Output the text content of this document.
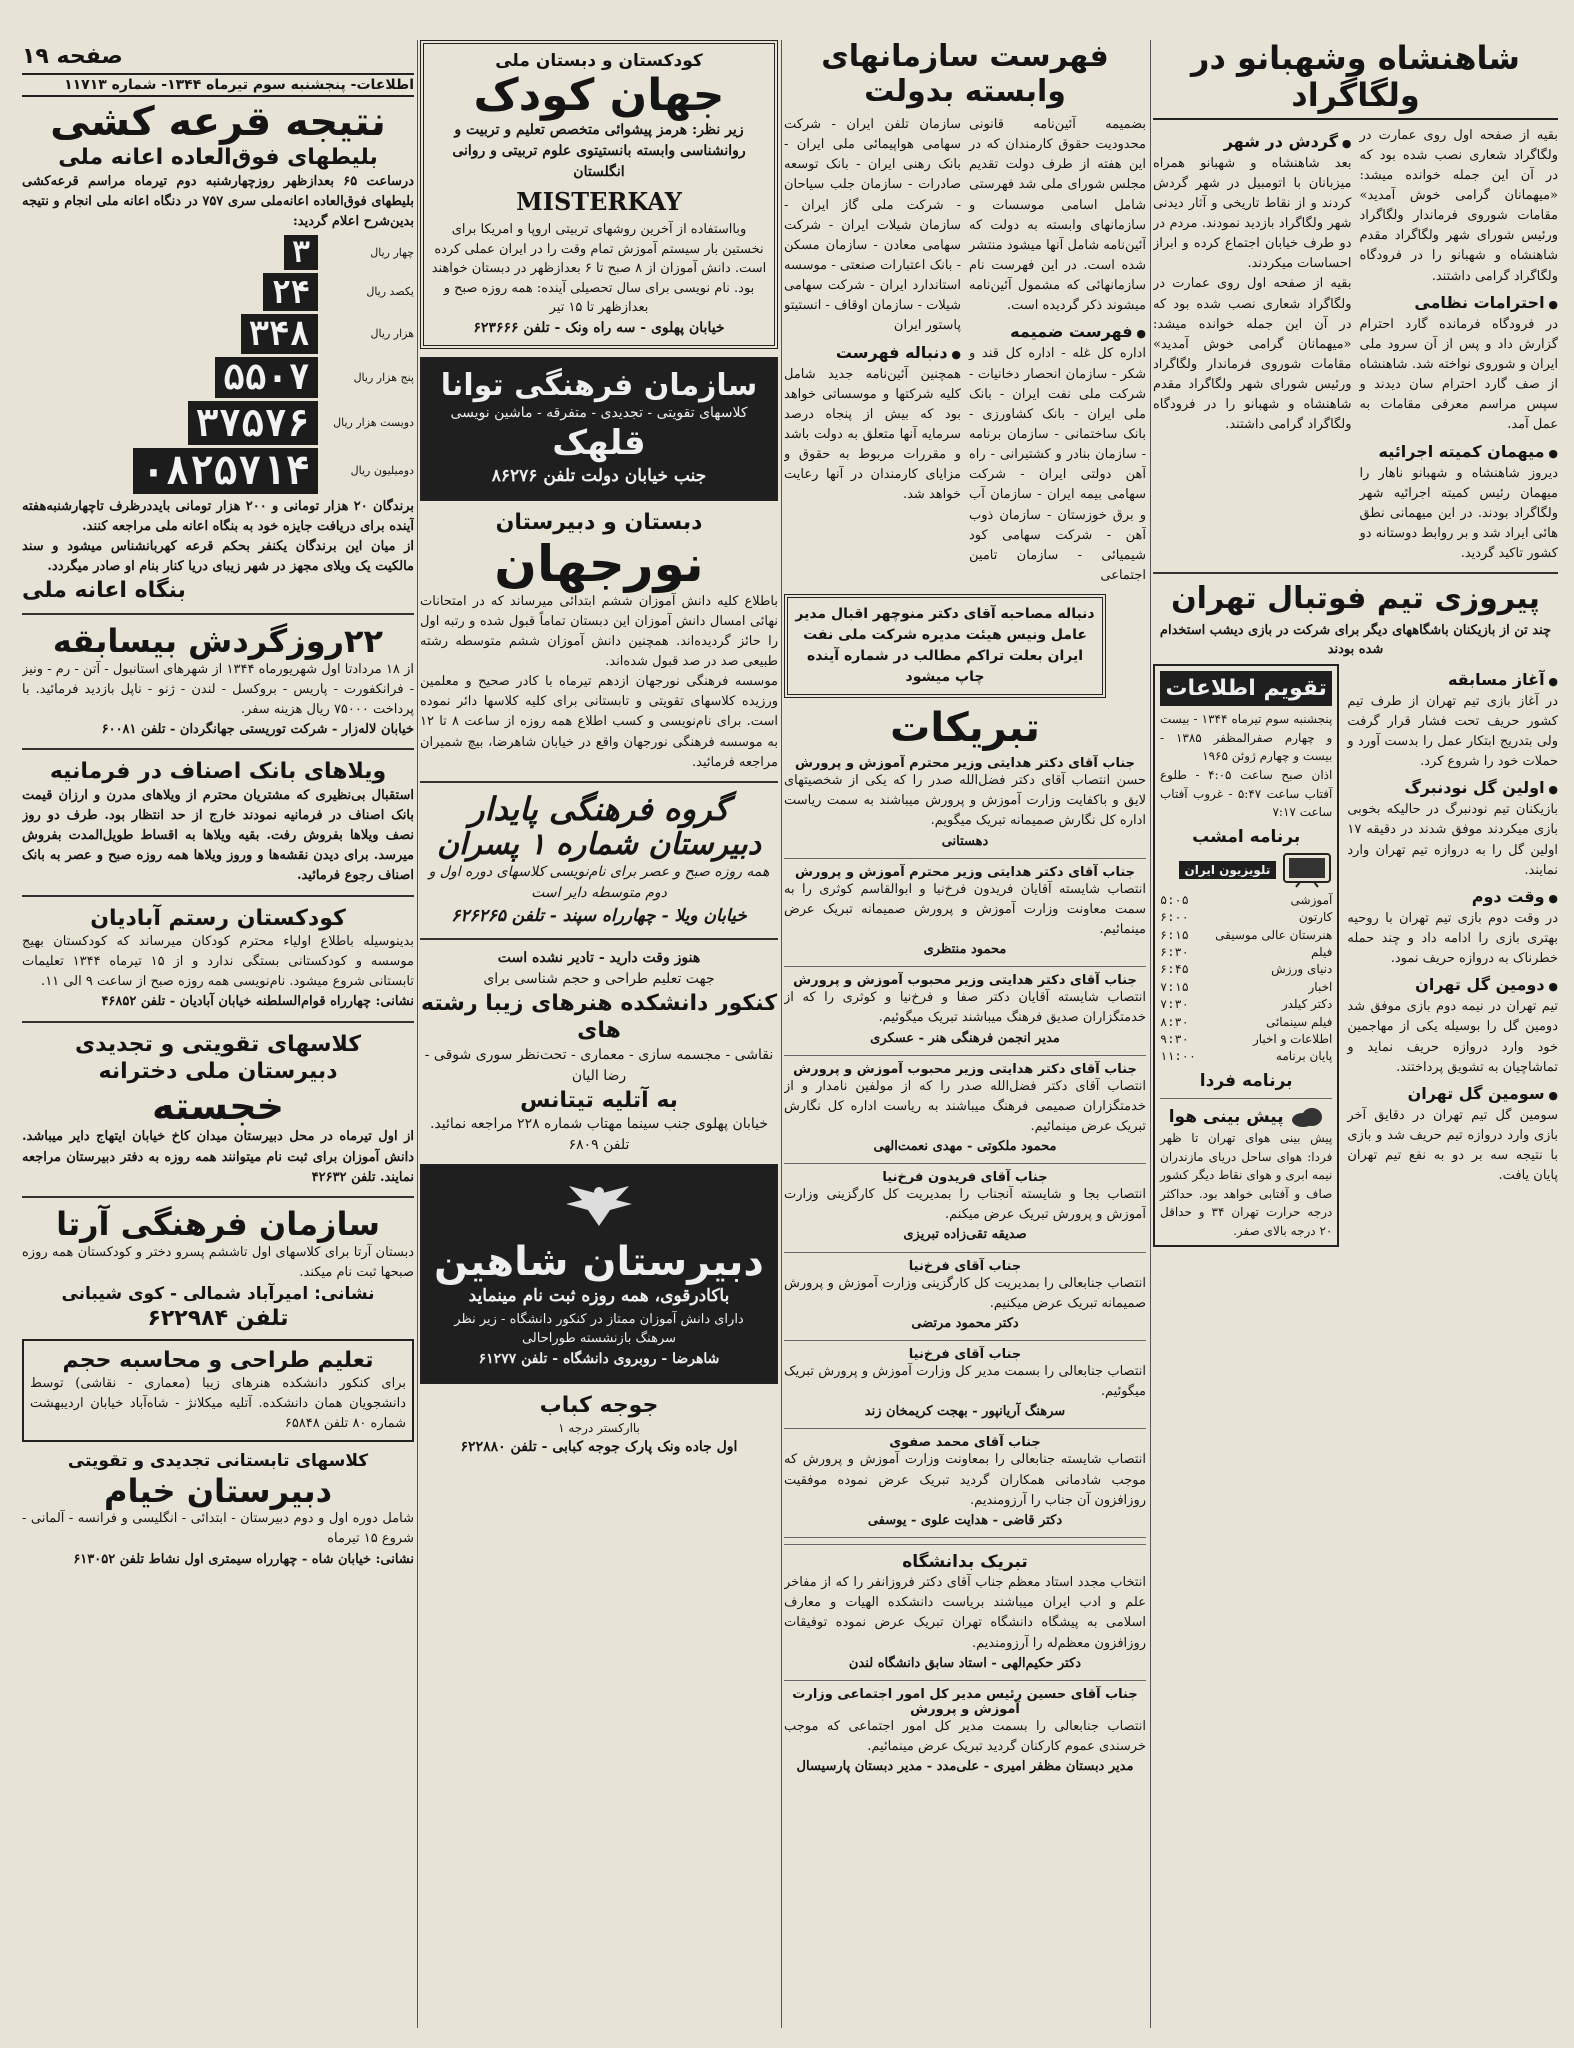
صفحه ۱۹
اطلاعات- پنجشنبه سوم تیرماه ۱۳۴۴- شماره ۱۱۷۱۳
شاهنشاه وشهبانو در ولگاگراد

بقیه از صفحه اول روی عمارت در ولگاگراد شعاری نصب شده بود که در آن این جمله خوانده میشد: «میهمانان گرامی خوش آمدید» مقامات شوروی فرماندار ولگاگراد ورئیس شورای شهر ولگاگراد مقدم شاهنشاه و شهبانو را در فرودگاه ولگاگراد گرامی داشتند.

● احترامات نظامی

در فرودگاه فرمانده گارد احترام گزارش داد و پس از آن سرود ملی ایران و شوروی نواخته شد. شاهنشاه از صف گارد احترام سان دیدند و سپس مراسم معرفی مقامات به عمل آمد.

● میهمان کمیته اجرائیه

دیروز شاهنشاه و شهبانو ناهار را میهمان رئیس کمیته اجرائیه شهر ولگاگراد بودند. در این میهمانی نطق هائی ایراد شد و بر روابط دوستانه دو کشور تاکید گردید.

● گردش در شهر

بعد شاهنشاه و شهبانو همراه میزبانان با اتومبیل در شهر گردش کردند و از نقاط تاریخی و آثار دیدنی شهر ولگاگراد بازدید نمودند. مردم در دو طرف خیابان اجتماع کرده و ابراز احساسات میکردند.

بقیه از صفحه اول روی عمارت در ولگاگراد شعاری نصب شده بود که در آن این جمله خوانده میشد: «میهمانان گرامی خوش آمدید» مقامات شوروی فرماندار ولگاگراد ورئیس شورای شهر ولگاگراد مقدم شاهنشاه و شهبانو را در فرودگاه ولگاگراد گرامی داشتند.

پیروزی تیم فوتبال تهران
چند تن از بازیکنان باشگاههای دیگر برای شرکت در بازی دیشب استخدام شده بودند
● آغاز مسابقه

در آغاز بازی تیم تهران از طرف تیم کشور حریف تحت فشار قرار گرفت ولی بتدریج ابتکار عمل را بدست آورد و حملات خود را شروع کرد.

● اولین گل نودنبرگ

بازیکنان تیم نودنبرگ در حالیکه بخوبی بازی میکردند موفق شدند در دقیقه ۱۷ اولین گل را به دروازه تیم تهران وارد نمایند.

● وقت دوم

در وقت دوم بازی تیم تهران با روحیه بهتری بازی را ادامه داد و چند حمله خطرناک به دروازه حریف نمود.

● دومین گل تهران

تیم تهران در نیمه دوم بازی موفق شد دومین گل را بوسیله یکی از مهاجمین خود وارد دروازه حریف نماید و تماشاچیان به تشویق پرداختند.

● سومین گل تهران

سومین گل تیم تهران در دقایق آخر بازی وارد دروازه تیم حریف شد و بازی با نتیجه سه بر دو به نفع تیم تهران پایان یافت.

تقویم اطلاعات

پنجشنبه سوم تیرماه ۱۳۴۴ - بیست و چهارم صفرالمظفر ۱۳۸۵ - بیست و چهارم ژوئن ۱۹۶۵

اذان صبح ساعت ۴:۰۵ - طلوع آفتاب ساعت ۵:۴۷ - غروب آفتاب ساعت ۷:۱۷

برنامه امشب
تلویزیون ایران
آموزشی
۵:۰۵
کارتون
۶:۰۰
هنرستان عالی موسیقی
۶:۱۵
فیلم
۶:۳۰
دنیای ورزش
۶:۴۵
اخبار
۷:۱۵
دکتر کیلدر
۷:۳۰
فیلم سینمائی
۸:۳۰
اطلاعات و اخبار
۹:۳۰
پایان برنامه
۱۱:۰۰
برنامه فردا
پیش بینی هوا

پیش بینی هوای تهران تا ظهر فردا: هوای ساحل دریای مازندران نیمه ابری و هوای نقاط دیگر کشور صاف و آفتابی خواهد بود. حداکثر درجه حرارت تهران ۳۴ و حداقل ۲۰ درجه بالای صفر.

فهرست سازمانهای وابسته بدولت

بضمیمه آئین‌نامه قانونی محدودیت حقوق کارمندان که در این هفته از طرف دولت تقدیم مجلس شورای ملی شد فهرستی شامل اسامی موسسات و سازمانهای وابسته به دولت که آئین‌نامه شامل آنها میشود منتشر شده است. در این فهرست نام سازمانهائی که مشمول آئین‌نامه میشوند ذکر گردیده است.

● فهرست ضمیمه

اداره کل غله - اداره کل قند و شکر - سازمان انحصار دخانیات - شرکت ملی نفت ایران - بانک ملی ایران - بانک کشاورزی - بانک ساختمانی - سازمان برنامه - سازمان بنادر و کشتیرانی - راه آهن دولتی ایران - شرکت سهامی بیمه ایران - سازمان آب و برق خوزستان - سازمان ذوب آهن - شرکت سهامی کود شیمیائی - سازمان تامین اجتماعی

سازمان تلفن ایران - شرکت سهامی هواپیمائی ملی ایران - بانک رهنی ایران - بانک توسعه صادرات - سازمان جلب سیاحان - شرکت ملی گاز ایران - سازمان شیلات ایران - شرکت سهامی معادن - سازمان مسکن - بانک اعتبارات صنعتی - موسسه استاندارد ایران - شرکت سهامی شیلات - سازمان اوقاف - انستیتو پاستور ایران

● دنباله فهرست

همچنین آئین‌نامه جدید شامل کلیه شرکتها و موسساتی خواهد بود که بیش از پنجاه درصد سرمایه آنها متعلق به دولت باشد و مقررات مربوط به حقوق و مزایای کارمندان در آنها رعایت خواهد شد.

دنباله مصاحبه آقای دکتر منوچهر اقبال مدیر عامل ونیس هیئت مدیره شرکت ملی نفت ایران بعلت تراکم مطالب در شماره آینده چاپ میشود
تبریکات
جناب آقای دکتر هدایتی وزیر محترم آموزش و پرورش

حسن انتصاب آقای دکتر فضل‌الله صدر را که یکی از شخصیتهای لایق و باکفایت وزارت آموزش و پرورش میباشند به سمت ریاست اداره کل نگارش صمیمانه تبریک میگویم.

دهستانی

جناب آقای دکتر هدایتی وزیر محترم آموزش و پرورش

انتصاب شایسته آقایان فریدون فرخ‌نیا و ابوالقاسم کوثری را به سمت معاونت وزارت آموزش و پرورش صمیمانه تبریک عرض مینمائیم.

محمود منتظری

جناب آقای دکتر هدایتی وزیر محبوب آموزش و پرورش

انتصاب شایسته آقایان دکتر صفا و فرخ‌نیا و کوثری را که از خدمتگزاران صدیق فرهنگ میباشند تبریک میگوئیم.

مدیر انجمن فرهنگی هنر - عسکری

جناب آقای دکتر هدایتی وزیر محبوب آموزش و پرورش

انتصاب آقای دکتر فضل‌الله صدر را که از مولفین نامدار و از خدمتگزاران صمیمی فرهنگ میباشند به ریاست اداره کل نگارش تبریک عرض مینمائیم.

محمود ملکوتی - مهدی نعمت‌الهی

جناب آقای فریدون فرخ‌نیا

انتصاب بجا و شایسته آنجناب را بمدیریت کل کارگزینی وزارت آموزش و پرورش تبریک عرض میکنم.

صدیقه تقی‌زاده تبریزی

جناب آقای فرخ‌نیا

انتصاب جنابعالی را بمدیریت کل کارگزینی وزارت آموزش و پرورش صمیمانه تبریک عرض میکنیم.

دکتر محمود مرتضی

جناب آقای فرخ‌نیا

انتصاب جنابعالی را بسمت مدیر کل وزارت آموزش و پرورش تبریک میگوئیم.

سرهنگ آریانپور - بهجت کریمخان زند

جناب آقای محمد صفوی

انتصاب شایسته جنابعالی را بمعاونت وزارت آموزش و پرورش که موجب شادمانی همکاران گردید تبریک عرض نموده موفقیت روزافزون آن جناب را آرزومندیم.

دکتر قاضی - هدایت علوی - یوسفی

تبریک بدانشگاه

انتخاب مجدد استاد معظم جناب آقای دکتر فروزانفر را که از مفاخر علم و ادب ایران میباشند بریاست دانشکده الهیات و معارف اسلامی به پیشگاه دانشگاه تهران تبریک عرض نموده توفیقات روزافزون معظم‌له را آرزومندیم.

دکتر حکیم‌الهی - استاد سابق دانشگاه لندن

جناب آقای حسین رئیس مدیر کل امور اجتماعی وزارت آموزش و پرورش

انتصاب جنابعالی را بسمت مدیر کل امور اجتماعی که موجب خرسندی عموم کارکنان گردید تبریک عرض مینمائیم.

مدیر دبستان مظفر امیری - علی‌مدد - مدیر دبستان پارسیسال

کودکستان و دبستان ملی
جهان کودک

زیر نظر: هرمز پیشوائی متخصص تعلیم و تربیت و روانشناسی وابسته بانستیتوی علوم تربیتی و روانی انگلستان

MISTERKAY

وبااستفاده از آخرین روشهای تربیتی اروپا و امریکا برای نخستین بار سیستم آموزش تمام وقت را در ایران عملی کرده است. دانش آموزان از ۸ صبح تا ۶ بعدازظهر در دبستان خواهند بود. نام نویسی برای سال تحصیلی آینده: همه روزه صبح و بعدازظهر تا ۱۵ تیر

خیابان پهلوی - سه راه ونک - تلفن ۶۲۳۶۶۶

سازمان فرهنگی توانا

کلاسهای تقویتی - تجدیدی - متفرقه - ماشین نویسی

قلهک

جنب خیابان دولت تلفن ۸۶۲۷۶

دبستان و دبیرستان
نورجهان

باطلاع کلیه دانش آموزان ششم ابتدائی میرساند که در امتحانات نهائی امسال دانش آموزان این دبستان تماماً قبول شده و رتبه اول را حائز گردیده‌اند. همچنین دانش آموزان ششم متوسطه رشته طبیعی صد در صد قبول شده‌اند.

موسسه فرهنگی نورجهان ازدهم تیرماه با کادر صحیح و معلمین ورزیده کلاسهای تقویتی و تابستانی برای کلیه کلاسها دائر نموده است. برای نام‌نویسی و کسب اطلاع همه روزه از ساعت ۸ تا ۱۲ به موسسه فرهنگی نورجهان واقع در خیابان شاهرضا، بیچ شمیران مراجعه فرمائید.

گروه فرهنگی پایدار
دبیرستان شماره ۱ پسران

همه روزه صبح و عصر برای نام‌نویسی کلاسهای دوره اول و دوم متوسطه دایر است

خیابان ویلا - چهارراه سپند - تلفن ۶۲۶۲۶۵

هنوز وقت دارید - تادیر نشده است

جهت تعلیم طراحی و حجم شناسی برای

کنکور دانشکده هنرهای زیبا رشته های

نقاشی - مجسمه سازی - معماری - تحت‌نظر سوری شوقی - رضا الیان

به آتلیه تیتانس

خیابان پهلوی جنب سینما مهتاب شماره ۲۲۸ مراجعه نمائید. تلفن ۶۸۰۹

دبیرستان شاهین

باکادرقوی، همه روزه ثبت نام مینماید

دارای دانش آموزان ممتاز در کنکور دانشگاه - زیر نظر سرهنگ بازنشسته طوراحالی

شاهرضا - روبروی دانشگاه - تلفن ۶۱۲۷۷

جوجه کباب

باارکستر درجه ۱

اول جاده ونک پارک جوجه کبابی - تلفن ۶۲۲۸۸۰

نتیجه قرعه کشی
بلیطهای فوق‌العاده اعانه ملی

درساعت ۶۵ بعدازظهر روزچهارشنبه دوم تیرماه مراسم قرعه‌کشی بلیطهای فوق‌العاده اعانه‌ملی سری ۷۵۷ در دنگاه اعانه ملی انجام و نتیجه بدین‌شرح اعلام گردید:

چهار ریال
۳
یکصد ریال
۲۴
هزار ریال
۳۴۸
پنج هزار ریال
۵۵۰۷
دویست هزار ریال
۳۷۵۷۶
دومیلیون ریال
۰۸۲۵۷۱۴

برندگان ۲۰ هزار تومانی و ۲۰۰ هزار تومانی بایددرظرف تاچهارشنبه‌هفته آینده برای دریافت جایزه خود به بنگاه اعانه ملی مراجعه کنند.

از میان این برندگان یکنفر بحکم قرعه کهربانشناس میشود و سند مالکیت یک ویلای مجهز در شهر زیبای دریا کنار بنام او صادر میگردد.

بنگاه اعانه ملی
۲۲روزگردش بیسابقه

از ۱۸ مردادتا اول شهریورماه ۱۳۴۴ از شهرهای استانبول - آتن - رم - ونیز - فرانکفورت - پاریس - بروکسل - لندن - ژنو - ناپل بازدید فرمائید. با پرداخت ۷۵۰۰۰ ریال هزینه سفر.

خیابان لاله‌زار - شرکت توریستی جهانگردان - تلفن ۶۰۰۸۱

ویلاهای بانک اصناف در فرمانیه

استقبال بی‌نظیری که مشتریان محترم از ویلاهای مدرن و ارزان قیمت بانک اصناف در فرمانیه نمودند خارج از حد انتظار بود. طرف دو روز نصف ویلاها بفروش رفت. بقیه ویلاها به اقساط طویل‌المدت بفروش میرسد. برای دیدن نقشه‌ها و وروز ویلاها همه روزه صبح و عصر به بانک اصناف رجوع فرمائید.

کودکستان رستم آبادیان

بدینوسیله باطلاع اولیاء محترم کودکان میرساند که کودکستان بهیج موسسه و کودکستانی بستگی ندارد و از ۱۵ تیرماه ۱۳۴۴ تعلیمات تابستانی شروع میشود. نام‌نویسی همه روزه صبح از ساعت ۹ الی ۱۱.

نشانی: چهارراه قوام‌السلطنه خیابان آبادیان - تلفن ۴۶۸۵۲

کلاسهای تقویتی و تجدیدی دبیرستان ملی دخترانه
خجسته

از اول تیرماه در محل دبیرستان میدان کاخ خیابان ایتهاج دایر میباشد. دانش آموزان برای ثبت نام میتوانند همه روزه به دفتر دبیرستان مراجعه نمایند. تلفن ۴۲۶۳۲

سازمان فرهنگی آرتا

دبستان آرتا برای کلاسهای اول تاششم پسرو دختر و کودکستان همه روزه صبحها ثبت نام میکند.

نشانی: امیرآباد شمالی - کوی شیبانی
تلفن ۶۲۲۹۸۴
تعلیم طراحی و محاسبه حجم

برای کنکور دانشکده هنرهای زیبا (معماری - نقاشی) توسط دانشجویان همان دانشکده. آتلیه میکلانژ - شاه‌آباد خیابان اردیبهشت شماره ۸۰ تلفن ۶۵۸۴۸

کلاسهای تابستانی تجدیدی و تقویتی
دبیرستان خیام

شامل دوره اول و دوم دبیرستان - ابتدائی - انگلیسی و فرانسه - آلمانی - شروع ۱۵ تیرماه

نشانی: خیابان شاه - چهارراه سیمتری اول نشاط تلفن ۶۱۳۰۵۲
